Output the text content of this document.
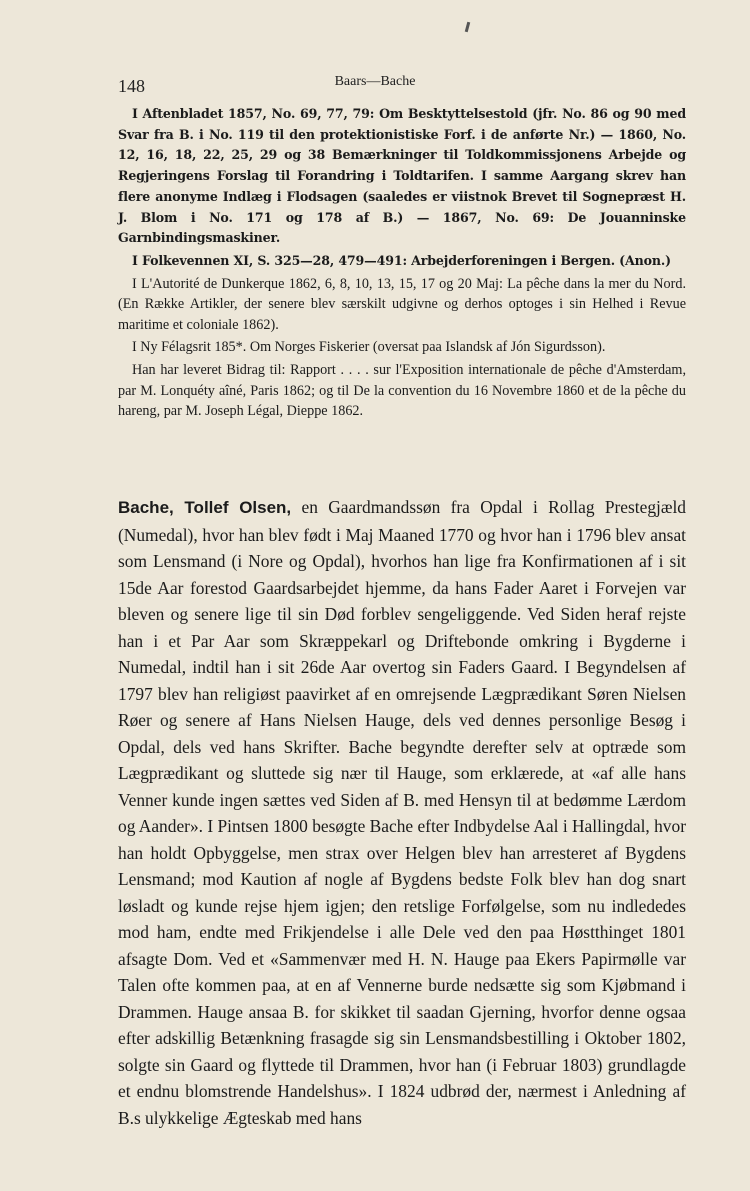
148	Baars—Bache

I Aftenbladet 1857, No. 69, 77, 79: Om Besktyttelsestold (jfr. No. 86 og 90 med Svar fra B. i No. 119 til den protektionistiske Forf. i de anførte Nr.) — 1860, No. 12, 16, 18, 22, 25, 29 og 38 Bemærkninger til Toldkommissjonens Arbejde og Regjeringens Forslag til Forandring i Toldtarifen. I samme Aargang skrev han flere anonyme Indlæg i Flodsagen (saaledes er viistnok Brevet til Sognepræst H. J. Blom i No. 171 og 178 af B.) — 1867, No. 69: De Jouanninske Garnbindingsmaskiner.

I Folkevennen XI, S. 325—28, 479—491: Arbejderforeningen i Bergen. (Anon.)

I L'Autorité de Dunkerque 1862, 6, 8, 10, 13, 15, 17 og 20 Maj: La pêche dans la mer du Nord. (En Række Artikler, der senere blev særskilt udgivne og derhos optoges i sin Helhed i Revue maritime et coloniale 1862).

I Ny Félagsrit 185*. Om Norges Fiskerier (oversat paa Islandsk af Jón Sigurdsson).

Han har leveret Bidrag til: Rapport . . . . sur l'Exposition internationale de pêche d'Amsterdam, par M. Lonquéty aîné, Paris 1862; og til De la convention du 16 Novembre 1860 et de la pêche du hareng, par M. Joseph Légal, Dieppe 1862.

Bache, Tollef Olsen, en Gaardmandssøn fra Opdal i Rollag Prestegjæld (Numedal), hvor han blev født i Maj Maaned 1770 og hvor han i 1796 blev ansat som Lensmand (i Nore og Opdal), hvorhos han lige fra Konfirmationen af i sit 15de Aar forestod Gaardsarbejdet hjemme, da hans Fader Aaret i Forvejen var bleven og senere lige til sin Død forblev sengeliggende. Ved Siden heraf rejste han i et Par Aar som Skræppekarl og Driftebonde omkring i Bygderne i Numedal, indtil han i sit 26de Aar overtog sin Faders Gaard. I Begyndelsen af 1797 blev han religiøst paavirket af en omrejsende Lægprædikant Søren Nielsen Røer og senere af Hans Nielsen Hauge, dels ved dennes personlige Besøg i Opdal, dels ved hans Skrifter. Bache begyndte derefter selv at optræde som Lægprædikant og sluttede sig nær til Hauge, som erklærede, at «af alle hans Venner kunde ingen sættes ved Siden af B. med Hensyn til at bedømme Lærdom og Aander». I Pintsen 1800 besøgte Bache efter Indbydelse Aal i Hallingdal, hvor han holdt Opbyggelse, men strax over Helgen blev han arresteret af Bygdens Lensmand; mod Kaution af nogle af Bygdens bedste Folk blev han dog snart løsladt og kunde rejse hjem igjen; den retslige Forfølgelse, som nu indlededes mod ham, endte med Frikjendelse i alle Dele ved den paa Høstthinget 1801 afsagte Dom. Ved et «Sammenvær med H. N. Hauge paa Ekers Papirmølle var Talen ofte kommen paa, at en af Vennerne burde nedsætte sig som Kjøbmand i Drammen. Hauge ansaa B. for skikket til saadan Gjerning, hvorfor denne ogsaa efter adskillig Betænkning frasagde sig sin Lensmandsbestilling i Oktober 1802, solgte sin Gaard og flyttede til Drammen, hvor han (i Februar 1803) grundlagde et endnu blomstrende Handelshus». I 1824 udbrød der, nærmest i Anledning af B.s ulykkelige Ægteskab med hans
